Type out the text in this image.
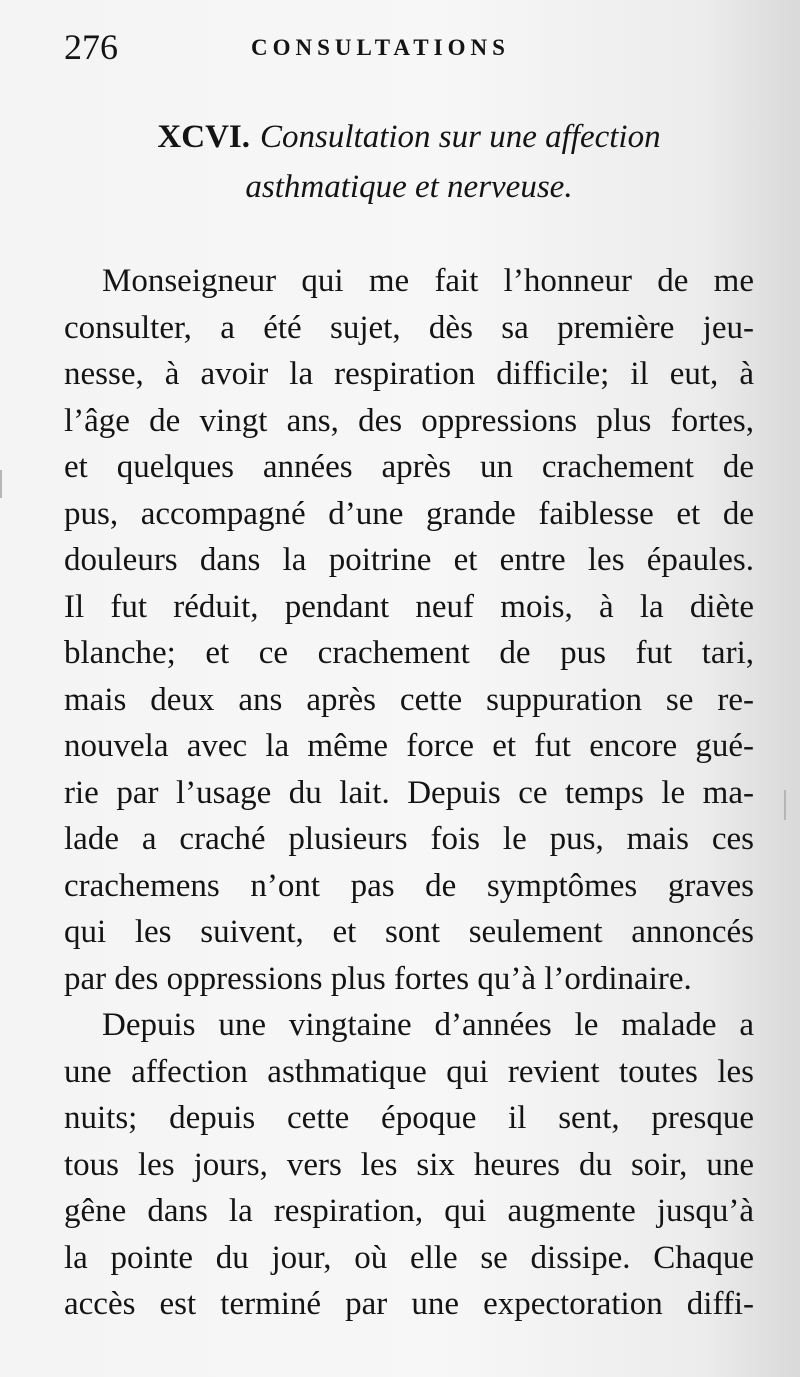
276	CONSULTATIONS
XCVI. Consultation sur une affection
asthmatique et nerveuse.
Monseigneur qui me fait l’honneur de me
consulter, a été sujet, dès sa première jeu-
nesse, à avoir la respiration difficile; il eut, à
l’âge de vingt ans, des oppressions plus fortes,
et quelques années après un crachement de
pus, accompagné d’une grande faiblesse et de
douleurs dans la poitrine et entre les épaules.
Il fut réduit, pendant neuf mois, à la diète
blanche; et ce crachement de pus fut tari,
mais deux ans après cette suppuration se re-
nouvela avec la même force et fut encore gué-
rie par l’usage du lait. Depuis ce temps le ma-
lade a craché plusieurs fois le pus, mais ces
crachemens n’ont pas de symptômes graves
qui les suivent, et sont seulement annoncés
par des oppressions plus fortes qu’à l’ordinaire.
Depuis une vingtaine d’années le malade a
une affection asthmatique qui revient toutes les
nuits; depuis cette époque il sent, presque
tous les jours, vers les six heures du soir, une
gêne dans la respiration, qui augmente jusqu’à
la pointe du jour, où elle se dissipe. Chaque
accès est terminé par une expectoration diffi-
